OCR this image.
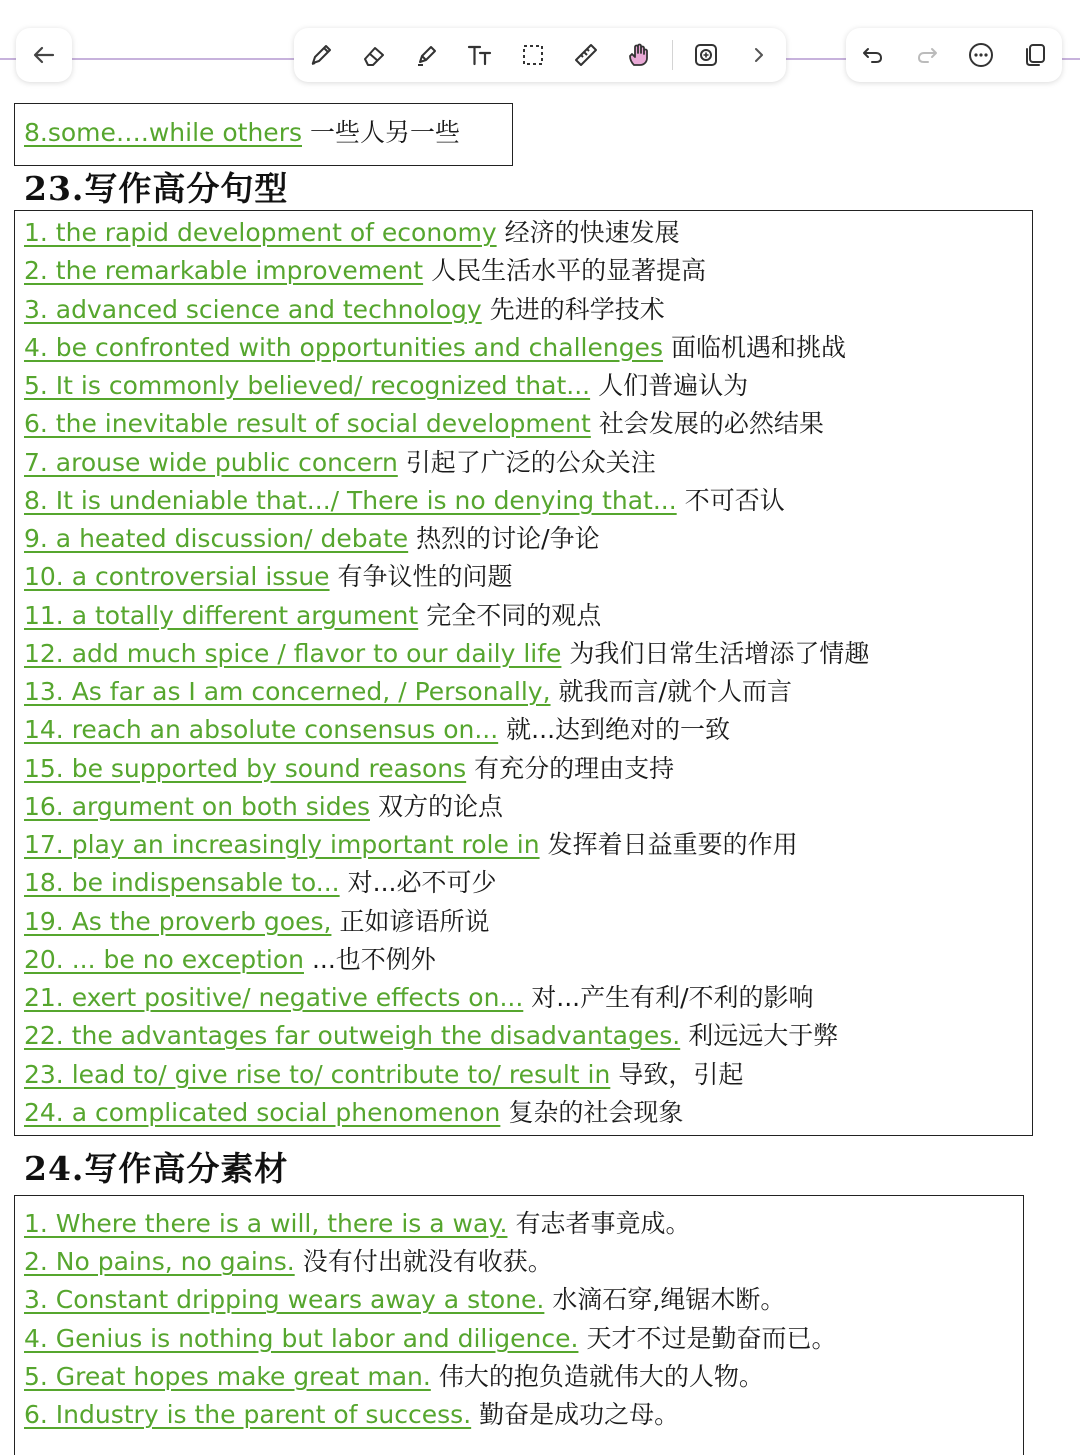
8.some….while others 一些人另一些
23.写作高分句型
1. the rapid development of economy 经济的快速发展
2. the remarkable improvement 人民生活水平的显著提高
3. advanced science and technology 先进的科学技术
4. be confronted with opportunities and challenges 面临机遇和挑战
5. It is commonly believed/ recognized that... 人们普遍认为
6. the inevitable result of social development 社会发展的必然结果
7. arouse wide public concern 引起了广泛的公众关注
8. It is undeniable that.../ There is no denying that... 不可否认
9. a heated discussion/ debate 热烈的讨论/争论
10. a controversial issue 有争议性的问题
11. a totally different argument 完全不同的观点
12. add much spice / flavor to our daily life 为我们日常生活增添了情趣
13. As far as I am concerned, / Personally, 就我而言/就个人而言
14. reach an absolute consensus on... 就...达到绝对的一致
15. be supported by sound reasons 有充分的理由支持
16. argument on both sides 双方的论点
17. play an increasingly important role in 发挥着日益重要的作用
18. be indispensable to... 对...必不可少
19. As the proverb goes, 正如谚语所说
20. ... be no exception ...也不例外
21. exert positive/ negative effects on... 对...产生有利/不利的影响
22. the advantages far outweigh the disadvantages. 利远远大于弊
23. lead to/ give rise to/ contribute to/ result in 导致，引起
24. a complicated social phenomenon 复杂的社会现象
24.写作高分素材
1. Where there is a will, there is a way. 有志者事竟成。
2. No pains, no gains. 没有付出就没有收获。
3. Constant dripping wears away a stone. 水滴石穿,绳锯木断。
4. Genius is nothing but labor and diligence. 天才不过是勤奋而已。
5. Great hopes make great man. 伟大的抱负造就伟大的人物。
6. Industry is the parent of success. 勤奋是成功之母。
